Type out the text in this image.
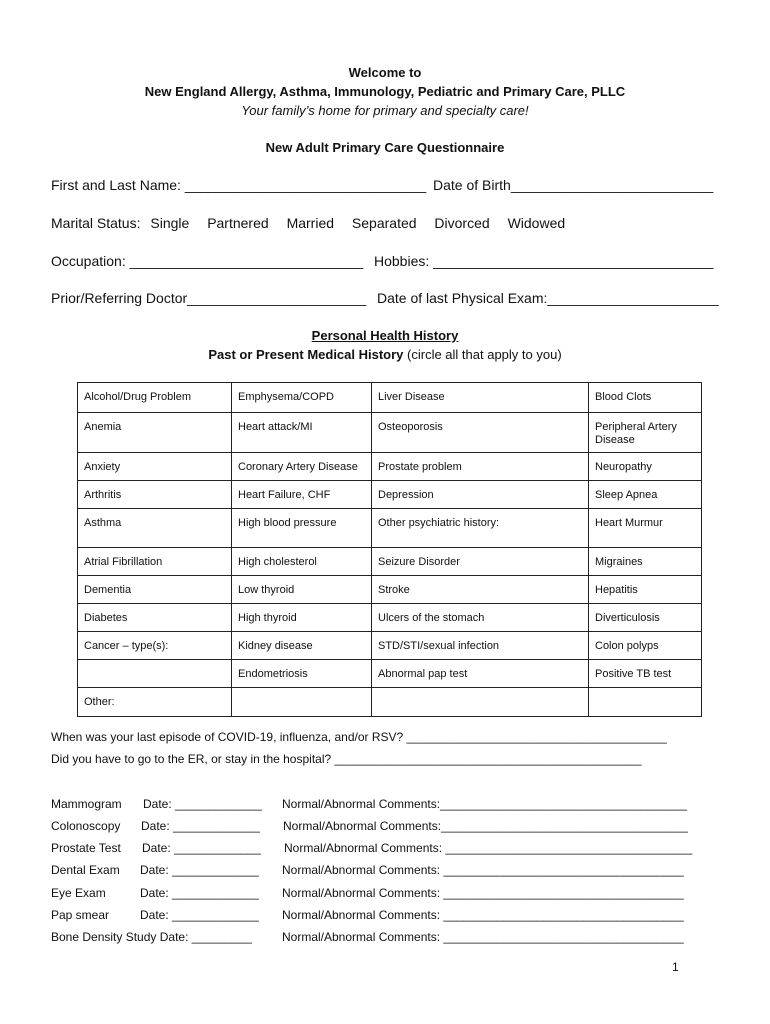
Welcome to
New England Allergy, Asthma, Immunology, Pediatric and Primary Care, PLLC
Your family’s home for primary and specialty care!
New Adult Primary Care Questionnaire
First and Last Name: _______________________________ Date of Birth__________________________
Marital Status: Single Partnered Married Separated Divorced Widowed
Occupation: ______________________________ Hobbies: ____________________________________
Prior/Referring Doctor_______________________ Date of last Physical Exam:______________________
Personal Health History
Past or Present Medical History (circle all that apply to you)
Alcohol/Drug Problem	Emphysema/COPD	Liver Disease	Blood Clots
Anemia	Heart attack/MI	Osteoporosis	Peripheral Artery Disease
Anxiety	Coronary Artery Disease	Prostate problem	Neuropathy
Arthritis	Heart Failure, CHF	Depression	Sleep Apnea
Asthma	High blood pressure	Other psychiatric history:	Heart Murmur
Atrial Fibrillation	High cholesterol	Seizure Disorder	Migraines
Dementia	Low thyroid	Stroke	Hepatitis
Diabetes	High thyroid	Ulcers of the stomach	Diverticulosis
Cancer – type(s):	Kidney disease	STD/STI/sexual infection	Colon polyps
	Endometriosis	Abnormal pap test	Positive TB test
Other:			
When was your last episode of COVID-19, influenza, and/or RSV? _______________________________________
Did you have to go to the ER, or stay in the hospital? ______________________________________________
Mammogram Date: _____________ Normal/Abnormal Comments:_____________________________________
Colonoscopy Date: _____________ Normal/Abnormal Comments:_____________________________________
Prostate Test Date: _____________ Normal/Abnormal Comments: _____________________________________
Dental Exam Date: _____________ Normal/Abnormal Comments: ____________________________________
Eye Exam	Date: _____________ Normal/Abnormal Comments: ____________________________________
Pap smear	Date: _____________ Normal/Abnormal Comments: ____________________________________
Bone Density Study Date: _________	Normal/Abnormal Comments: ____________________________________
1
